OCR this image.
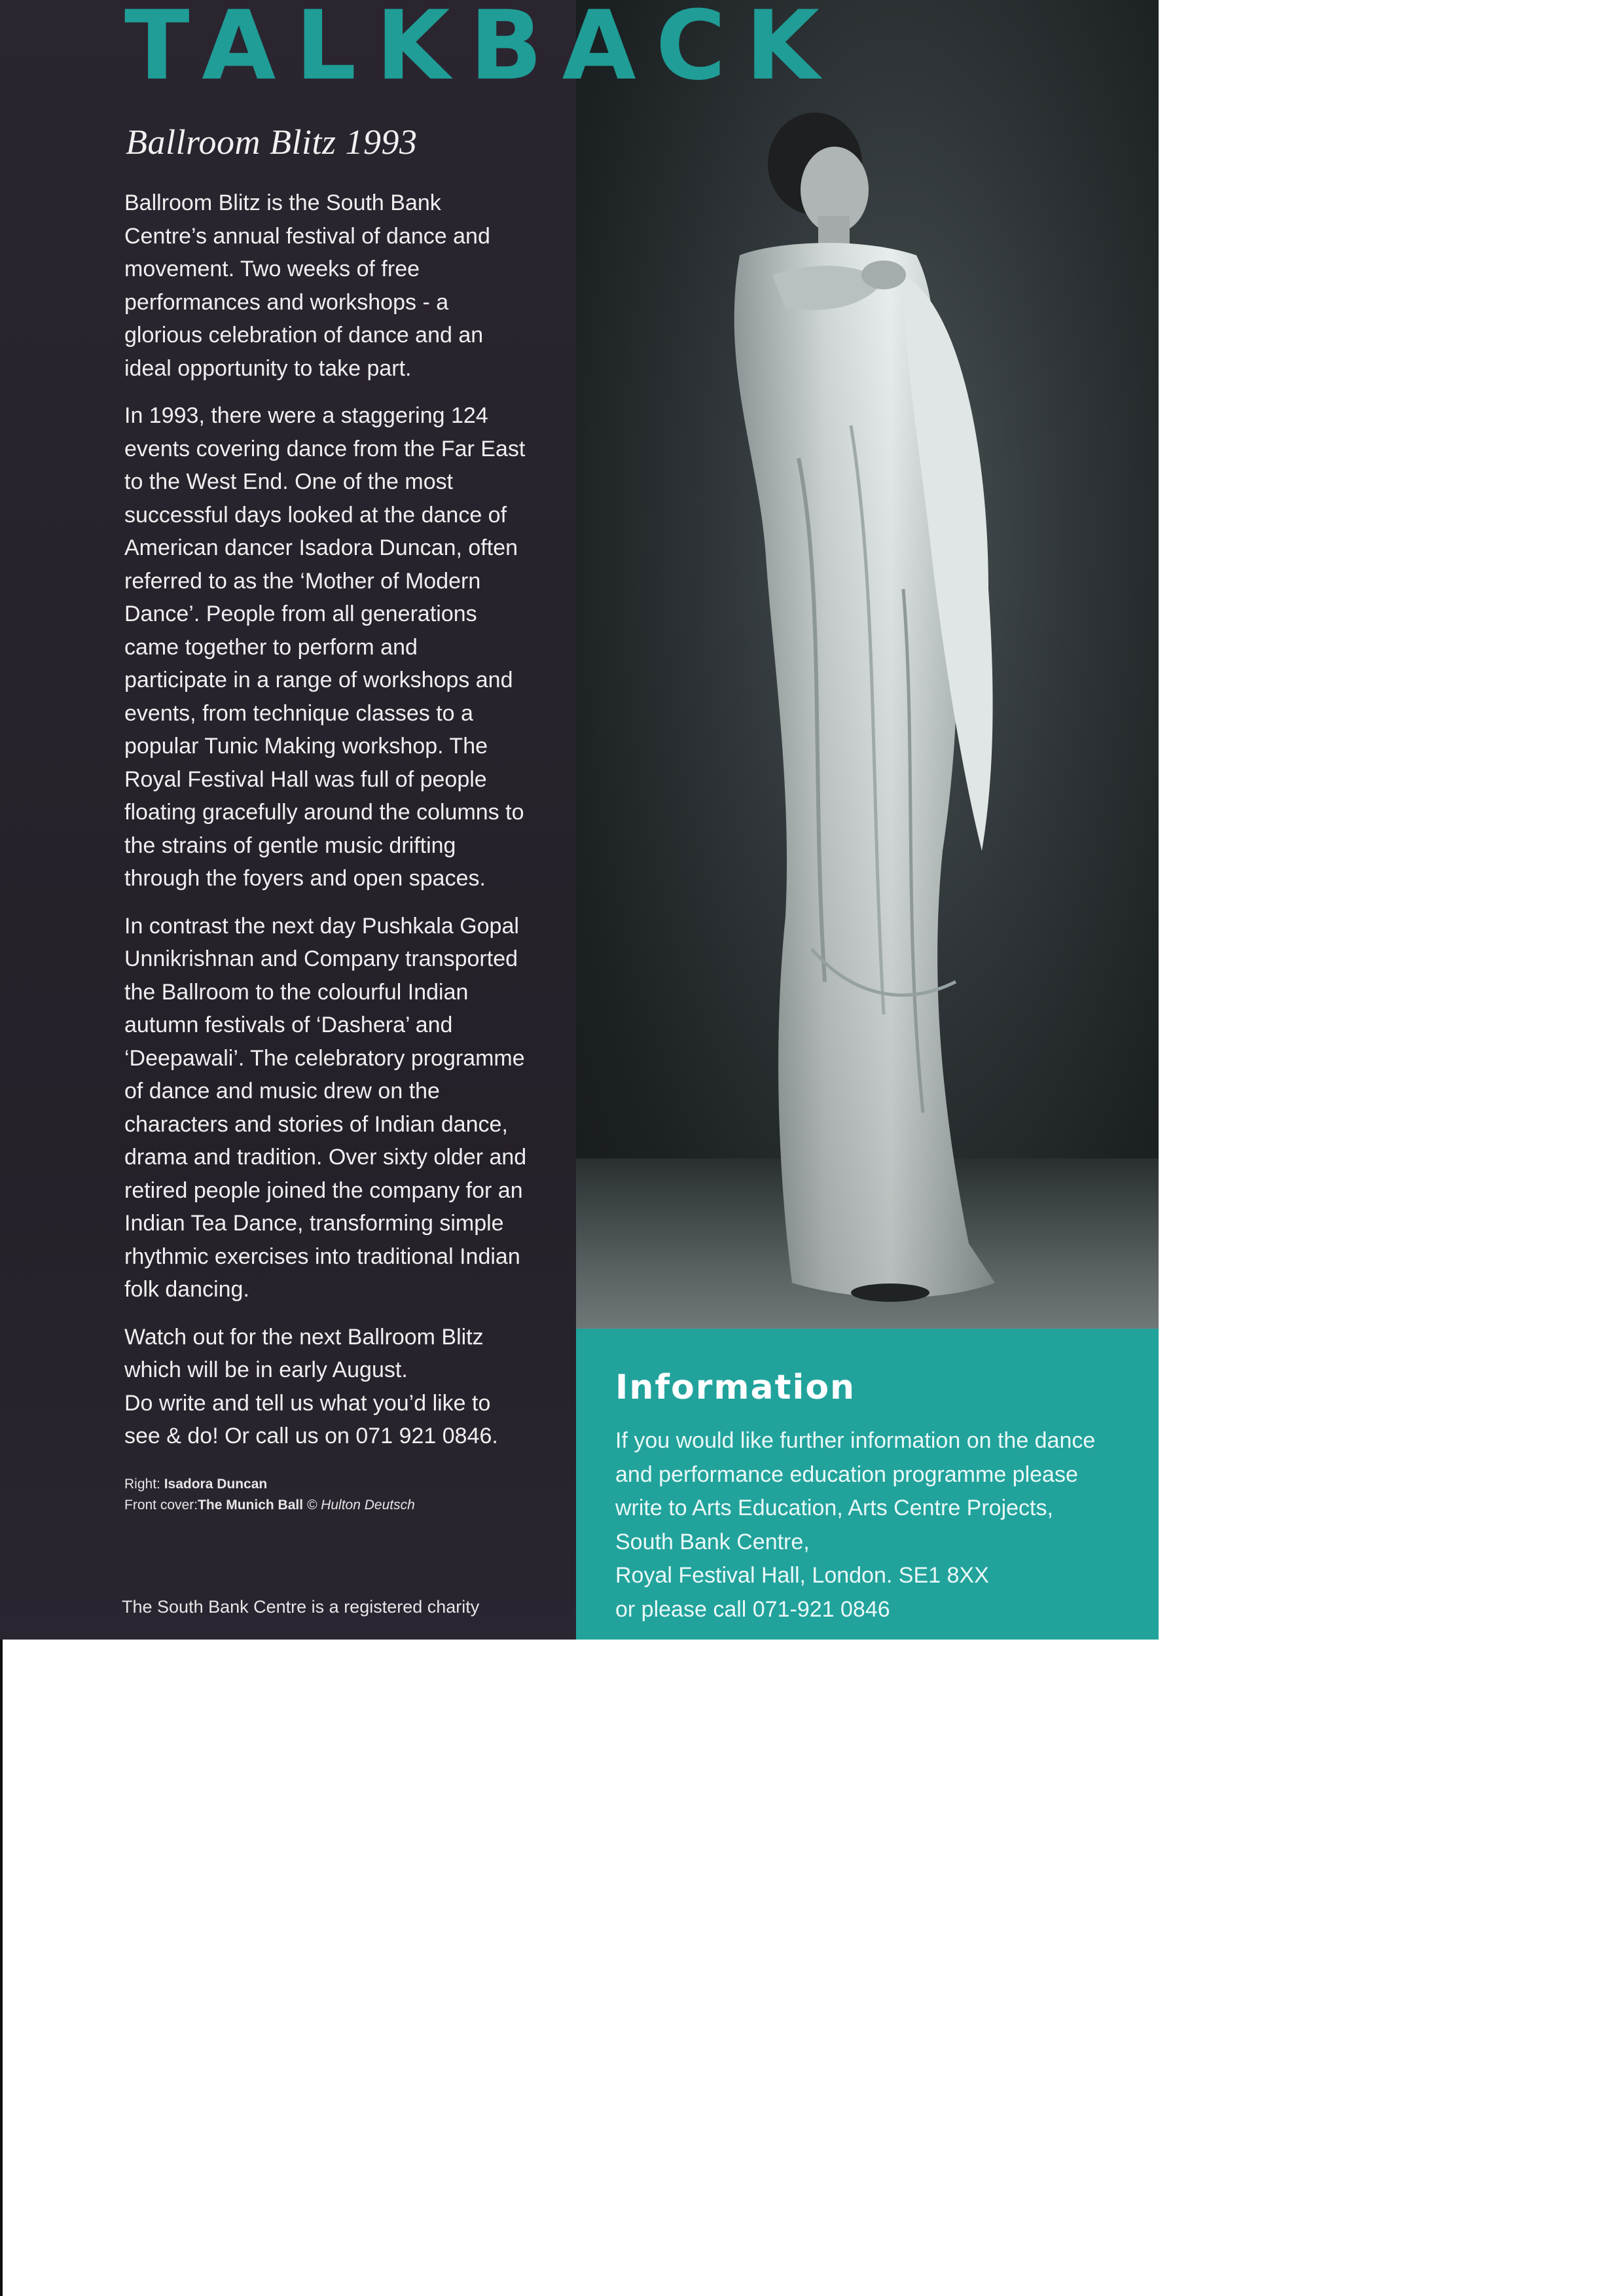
TALKBACK
Ballroom Blitz 1993

Ballroom Blitz is the South Bank
Centre’s annual festival of dance and
movement. Two weeks of free
performances and workshops - a
glorious celebration of dance and an
ideal opportunity to take part.

In 1993, there were a staggering 124
events covering dance from the Far East
to the West End. One of the most
successful days looked at the dance of
American dancer Isadora Duncan, often
referred to as the ‘Mother of Modern
Dance’. People from all generations
came together to perform and
participate in a range of workshops and
events, from technique classes to a
popular Tunic Making workshop. The
Royal Festival Hall was full of people
floating gracefully around the columns to
the strains of gentle music drifting
through the foyers and open spaces.

In contrast the next day Pushkala Gopal
Unnikrishnan and Company transported
the Ballroom to the colourful Indian
autumn festivals of ‘Dashera’ and
‘Deepawali’. The celebratory programme
of dance and music drew on the
characters and stories of Indian dance,
drama and tradition. Over sixty older and
retired people joined the company for an
Indian Tea Dance, transforming simple
rhythmic exercises into traditional Indian
folk dancing.

Watch out for the next Ballroom Blitz
which will be in early August.
Do write and tell us what you’d like to
see & do! Or call us on 071 921 0846.

Right: Isadora Duncan
Front cover:The Munich Ball © Hulton Deutsch
The South Bank Centre is a registered charity
Information
If you would like further information on the dance
and performance education programme please
write to Arts Education, Arts Centre Projects,
South Bank Centre,
Royal Festival Hall, London. SE1 8XX
or please call 071-921 0846
